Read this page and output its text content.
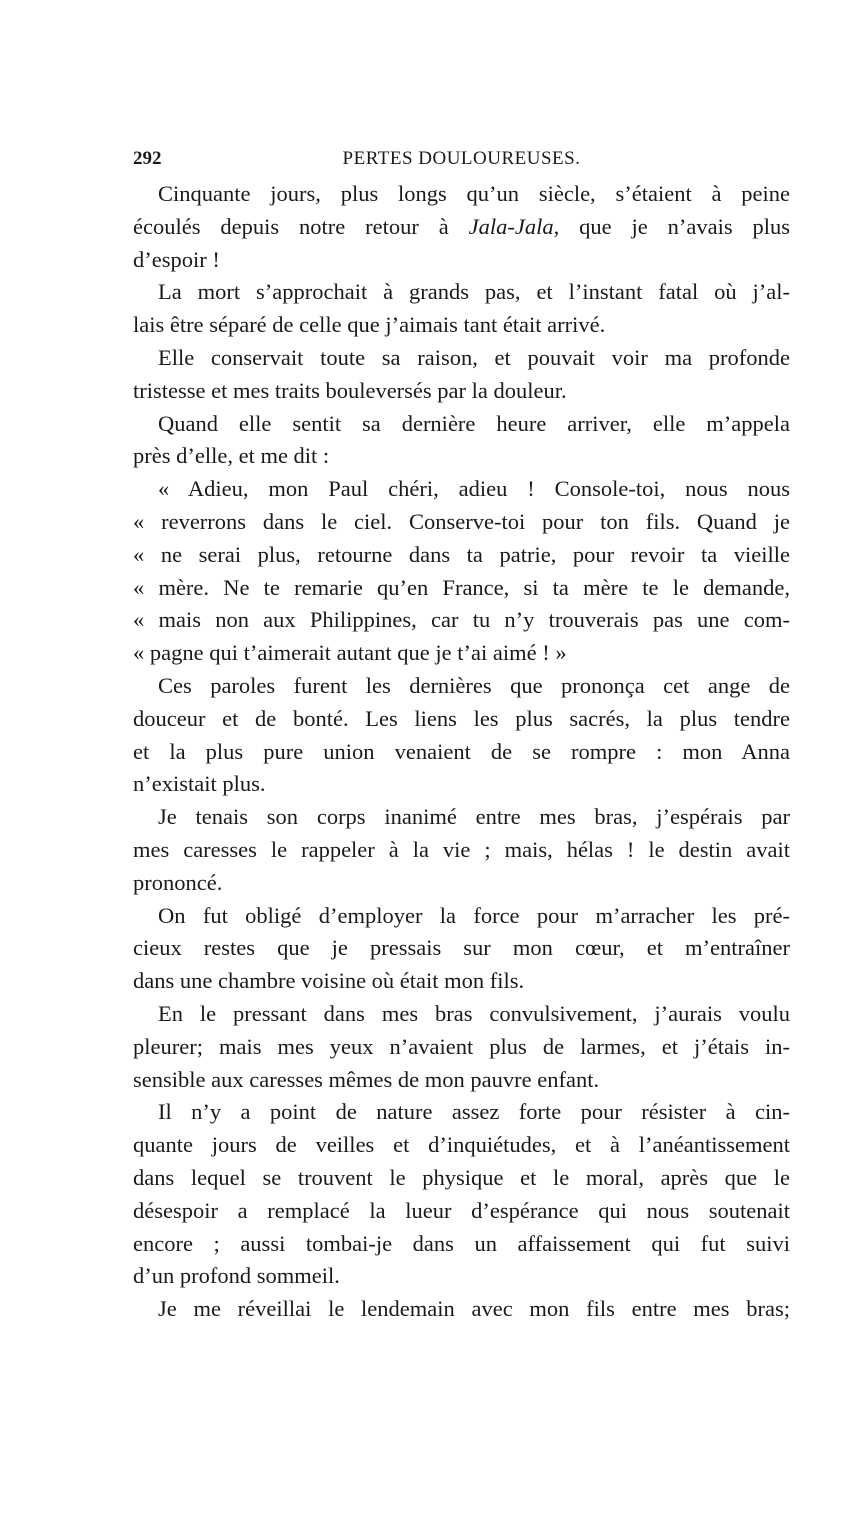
292	PERTES DOULOUREUSES.
Cinquante jours, plus longs qu’un siècle, s’étaient à peine
écoulés depuis notre retour à Jala-Jala, que je n’avais plus
d’espoir !
La mort s’approchait à grands pas, et l’instant fatal où j’al-
lais être séparé de celle que j’aimais tant était arrivé.
Elle conservait toute sa raison, et pouvait voir ma profonde
tristesse et mes traits bouleversés par la douleur.
Quand elle sentit sa dernière heure arriver, elle m’appela
près d’elle, et me dit :
« Adieu, mon Paul chéri, adieu ! Console-toi, nous nous
« reverrons dans le ciel. Conserve-toi pour ton fils. Quand je
« ne serai plus, retourne dans ta patrie, pour revoir ta vieille
« mère. Ne te remarie qu’en France, si ta mère te le demande,
« mais non aux Philippines, car tu n’y trouverais pas une com-
« pagne qui t’aimerait autant que je t’ai aimé ! »
Ces paroles furent les dernières que prononça cet ange de
douceur et de bonté. Les liens les plus sacrés, la plus tendre
et la plus pure union venaient de se rompre : mon Anna
n’existait plus.
Je tenais son corps inanimé entre mes bras, j’espérais par
mes caresses le rappeler à la vie ; mais, hélas ! le destin avait
prononcé.
On fut obligé d’employer la force pour m’arracher les pré-
cieux restes que je pressais sur mon cœur, et m’entraîner
dans une chambre voisine où était mon fils.
En le pressant dans mes bras convulsivement, j’aurais voulu
pleurer; mais mes yeux n’avaient plus de larmes, et j’étais in-
sensible aux caresses mêmes de mon pauvre enfant.
Il n’y a point de nature assez forte pour résister à cin-
quante jours de veilles et d’inquiétudes, et à l’anéantissement
dans lequel se trouvent le physique et le moral, après que le
désespoir a remplacé la lueur d’espérance qui nous soutenait
encore ; aussi tombai-je dans un affaissement qui fut suivi
d’un profond sommeil.
Je me réveillai le lendemain avec mon fils entre mes bras;
